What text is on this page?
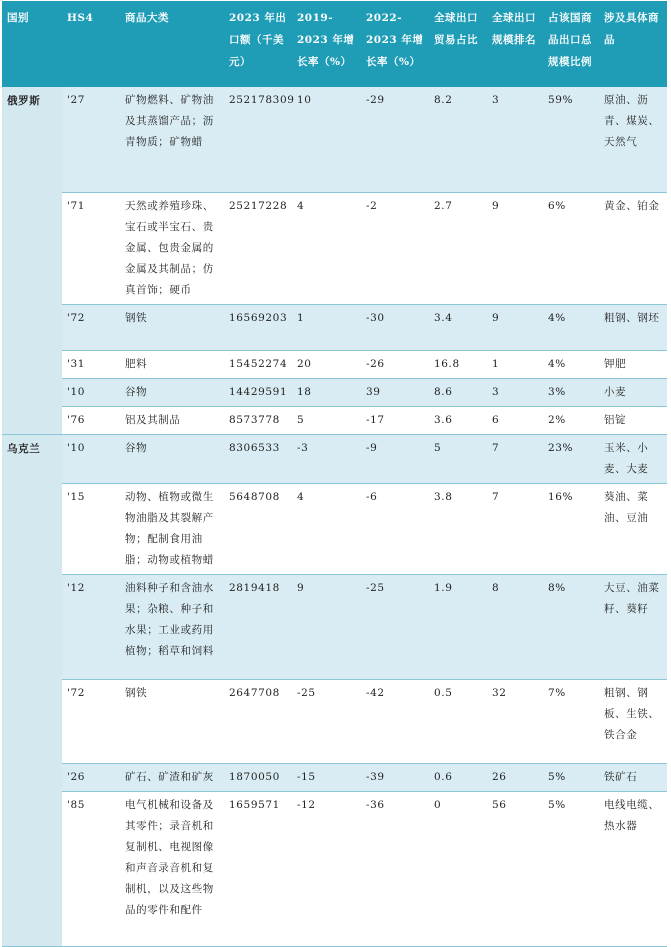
国别	HS4	商品大类	2023 年出口额（千美元）	2019-2023 年增长率（%）	2022-2023 年增长率（%）	全球出口贸易占比	全球出口规模排名	占该国商品出口总规模比例	涉及具体商品
俄罗斯	'27	矿物燃料、矿物油及其蒸馏产品；沥青物质；矿物蜡	252178309	10	-29	8.2	3	59%	原油、沥青、煤炭、天然气
	'71	天然或养殖珍珠、宝石或半宝石、贵金属、包贵金属的金属及其制品；仿真首饰；硬币	25217228	4	-2	2.7	9	6%	黄金、铂金
	'72	钢铁	16569203	1	-30	3.4	9	4%	粗钢、钢坯
	'31	肥料	15452274	20	-26	16.8	1	4%	钾肥
	'10	谷物	14429591	18	39	8.6	3	3%	小麦
	'76	铝及其制品	8573778	5	-17	3.6	6	2%	铝锭
乌克兰	'10	谷物	8306533	-3	-9	5	7	23%	玉米、小麦、大麦
	'15	动物、植物或微生物油脂及其裂解产物；配制食用油脂；动物或植物蜡	5648708	4	-6	3.8	7	16%	葵油、菜油、豆油
	'12	油料种子和含油水果；杂粮、种子和水果；工业或药用植物；稻草和饲料	2819418	9	-25	1.9	8	8%	大豆、油菜籽、葵籽
	'72	钢铁	2647708	-25	-42	0.5	32	7%	粗钢、钢板、生铁、铁合金
	'26	矿石、矿渣和矿灰	1870050	-15	-39	0.6	26	5%	铁矿石
	'85	电气机械和设备及其零件；录音机和复制机、电视图像和声音录音机和复制机，以及这些物品的零件和配件	1659571	-12	-36	0	56	5%	电线电缆、热水器
